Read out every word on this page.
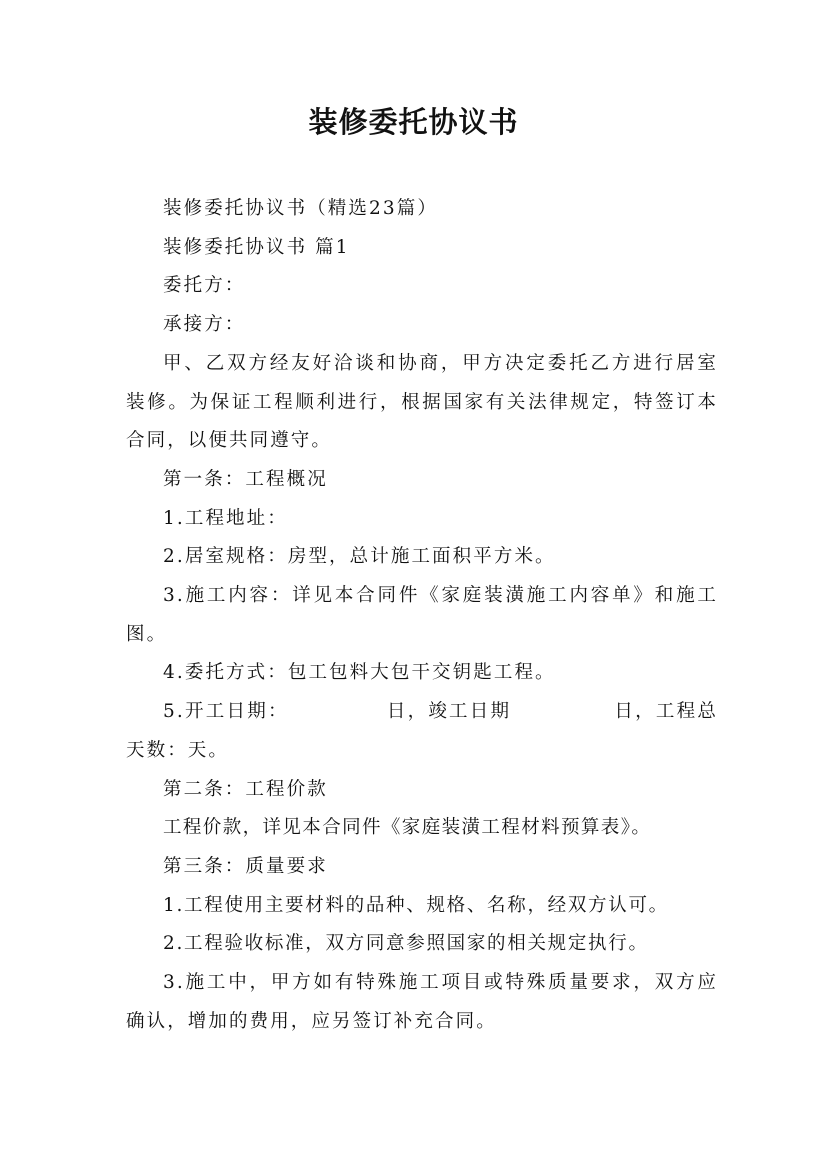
装修委托协议书

装修委托协议书（精选23篇）

装修委托协议书 篇1

委托方：

承接方：

甲、乙双方经友好洽谈和协商，甲方决定委托乙方进行居室装修。为保证工程顺利进行，根据国家有关法律规定，特签订本合同，以便共同遵守。

第一条：工程概况

1.工程地址：

2.居室规格：房型，总计施工面积平方米。

3.施工内容：详见本合同件《家庭装潢施工内容单》和施工图。

4.委托方式：包工包料大包干交钥匙工程。

5.开工日期：	日，竣工日期	日，工程总天数：天。

第二条：工程价款

工程价款，详见本合同件《家庭装潢工程材料预算表》。

第三条：质量要求

1.工程使用主要材料的品种、规格、名称，经双方认可。

2.工程验收标准，双方同意参照国家的相关规定执行。

3.施工中，甲方如有特殊施工项目或特殊质量要求，双方应确认，增加的费用，应另签订补充合同。
